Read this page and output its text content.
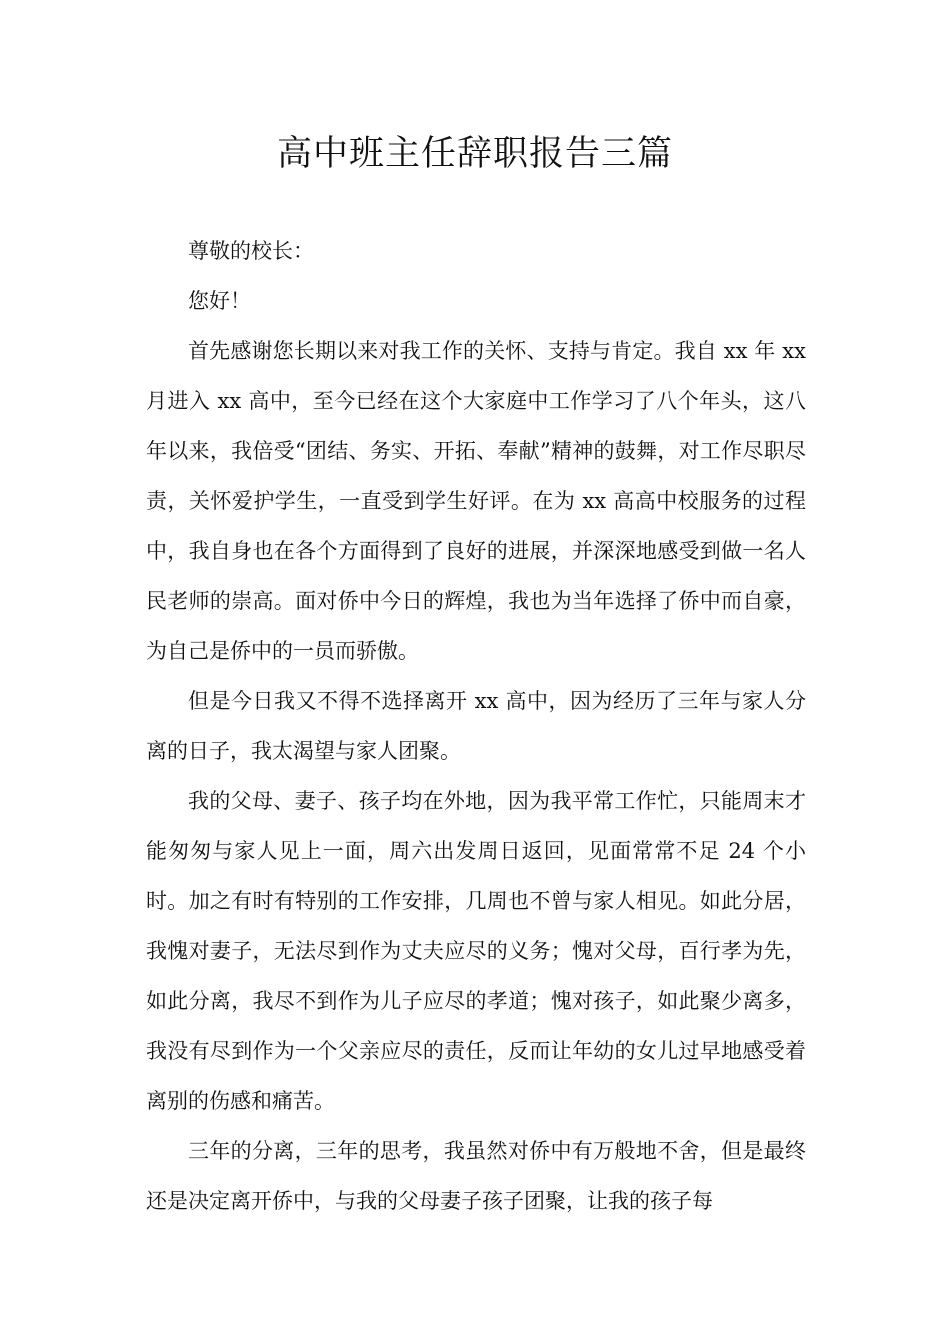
高中班主任辞职报告三篇

尊敬的校长：

您好！

首先感谢您长期以来对我工作的关怀、支持与肯定。我自 xx 年 xx 月进入 xx 高中，至今已经在这个大家庭中工作学习了八个年头，这八年以来，我倍受“团结、务实、开拓、奉献”精神的鼓舞，对工作尽职尽责，关怀爱护学生，一直受到学生好评。在为 xx 高高中校服务的过程中，我自身也在各个方面得到了良好的进展，并深深地感受到做一名人民老师的崇高。面对侨中今日的辉煌，我也为当年选择了侨中而自豪，为自己是侨中的一员而骄傲。

但是今日我又不得不选择离开 xx 高中，因为经历了三年与家人分离的日子，我太渴望与家人团聚。

我的父母、妻子、孩子均在外地，因为我平常工作忙，只能周末才能匆匆与家人见上一面，周六出发周日返回，见面常常不足 24 个小时。加之有时有特别的工作安排，几周也不曾与家人相见。如此分居，我愧对妻子，无法尽到作为丈夫应尽的义务；愧对父母，百行孝为先，如此分离，我尽不到作为儿子应尽的孝道；愧对孩子，如此聚少离多，我没有尽到作为一个父亲应尽的责任，反而让年幼的女儿过早地感受着离别的伤感和痛苦。

三年的分离，三年的思考，我虽然对侨中有万般地不舍，但是最终还是决定离开侨中，与我的父母妻子孩子团聚，让我的孩子每
